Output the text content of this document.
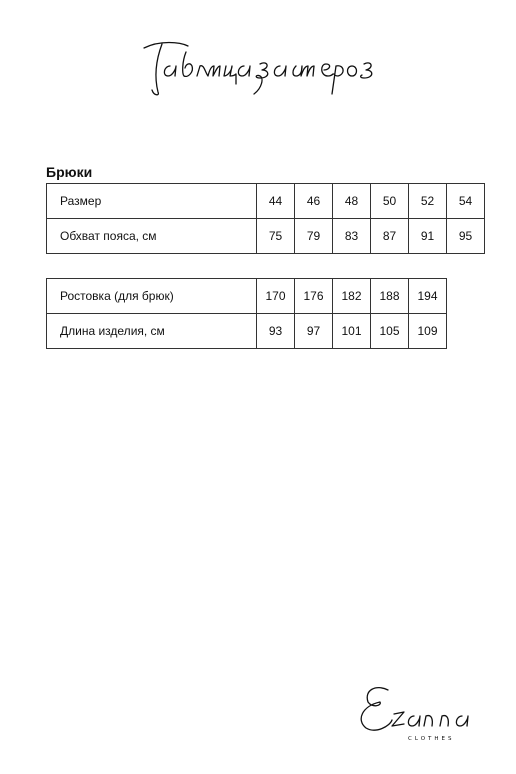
Брюки
Размер	44	46	48	50	52	54
Обхват пояса, см	75	79	83	87	91	95
Ростовка (для брюк)	170	176	182	188	194
Длина изделия, см	93	97	101	105	109
CLOTHES
